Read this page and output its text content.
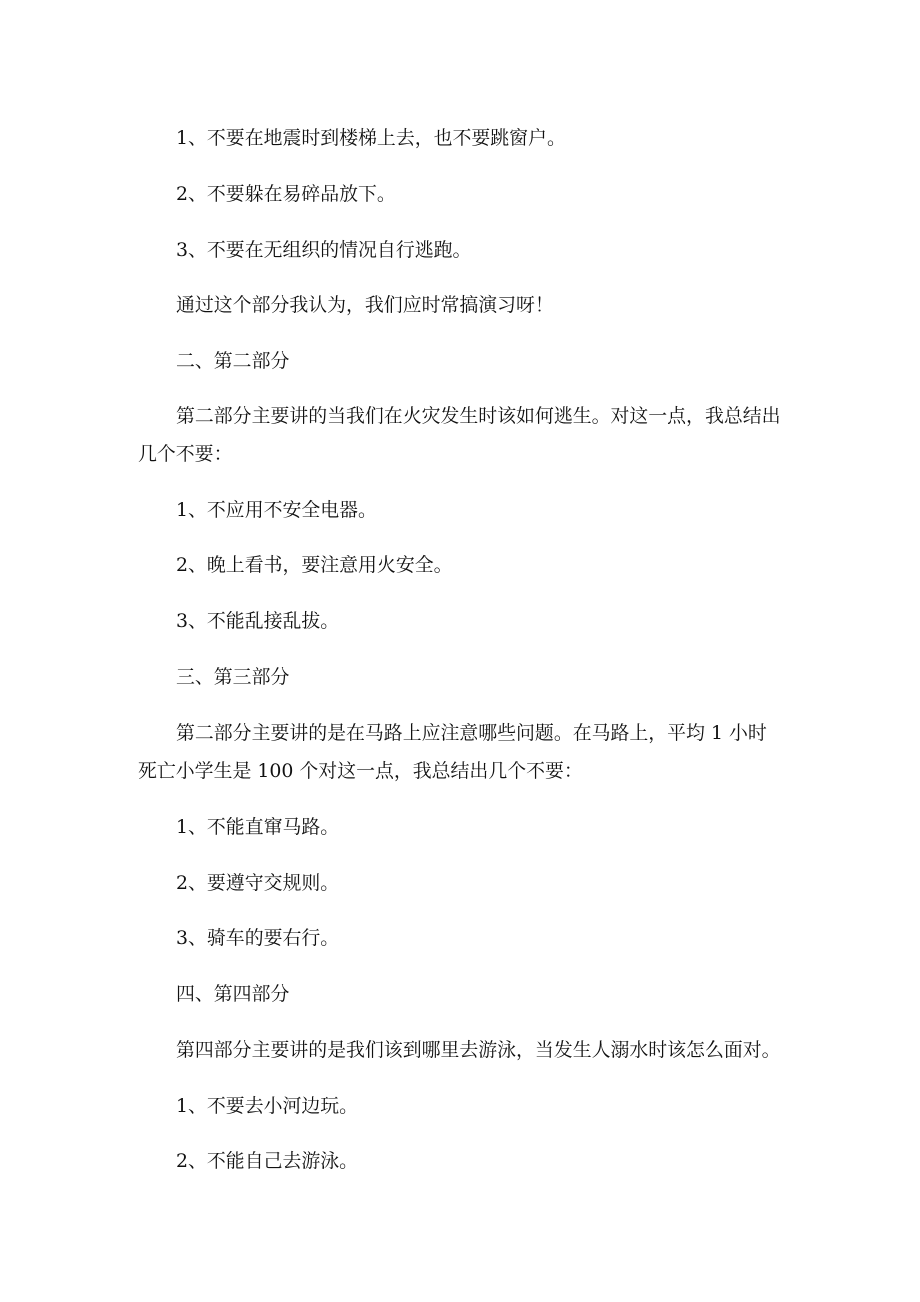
1、不要在地震时到楼梯上去，也不要跳窗户。

2、不要躲在易碎品放下。

3、不要在无组织的情况自行逃跑。

通过这个部分我认为，我们应时常搞演习呀！

二、第二部分

第二部分主要讲的当我们在火灾发生时该如何逃生。对这一点，我总结出几个不要：

1、不应用不安全电器。

2、晚上看书，要注意用火安全。

3、不能乱接乱拔。

三、第三部分

第二部分主要讲的是在马路上应注意哪些问题。在马路上，平均 1 小时死亡小学生是 100 个对这一点，我总结出几个不要：

1、不能直窜马路。

2、要遵守交规则。

3、骑车的要右行。

四、第四部分

第四部分主要讲的是我们该到哪里去游泳，当发生人溺水时该怎么面对。

1、不要去小河边玩。

2、不能自己去游泳。
